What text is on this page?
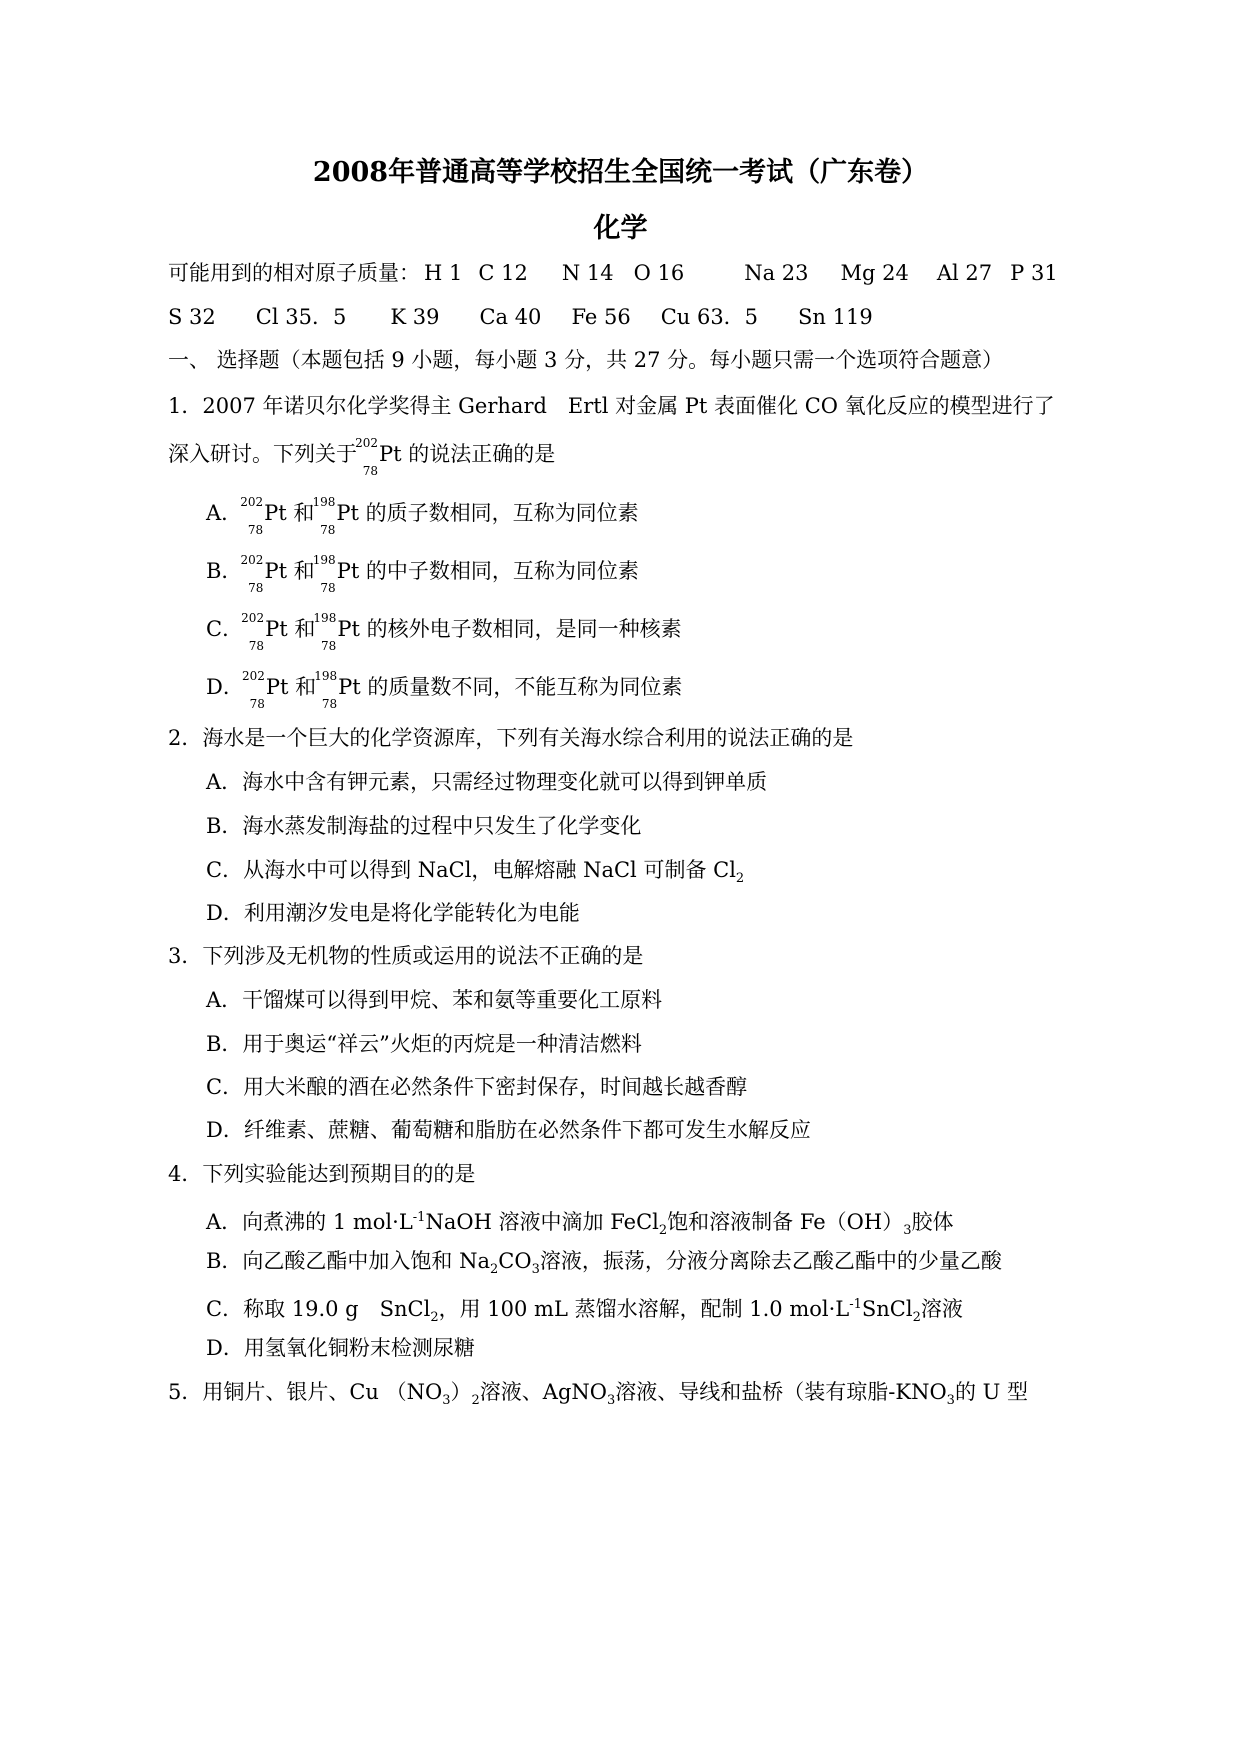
2008年普通高等学校招生全国统一考试（广东卷）
化学
可能用到的相对原子质量： H 1 C 12 N 14 O 16	Na 23 Mg 24 Al 27 P 31
S 32 Cl 35．5 K 39 Ca 40 Fe 56 Cu 63．5 Sn 119
一、 选择题（本题包括 9 小题，每小题 3 分，共 27 分。每小题只需一个选项符合题意）
1．2007 年诺贝尔化学奖得主 Gerhard　Ertl 对金属 Pt 表面催化 CO 氧化反应的模型进行了
深入研讨。下列关于
202
78
Pt 的说法正确的是
A．
202
78
Pt 和
198
78
Pt 的质子数相同，互称为同位素
B．
202
78
Pt 和
198
78
Pt 的中子数相同，互称为同位素
C．
202
78
Pt 和
198
78
Pt 的核外电子数相同，是同一种核素
D．
202
78
Pt 和
198
78
Pt 的质量数不同，不能互称为同位素
2．海水是一个巨大的化学资源库，下列有关海水综合利用的说法正确的是
A．海水中含有钾元素，只需经过物理变化就可以得到钾单质
B．海水蒸发制海盐的过程中只发生了化学变化
C．从海水中可以得到 NaCl，电解熔融 NaCl 可制备 $Cl_2$
D．利用潮汐发电是将化学能转化为电能
3．下列涉及无机物的性质或运用的说法不正确的是
A．干馏煤可以得到甲烷、苯和氨等重要化工原料
B．用于奥运“祥云”火炬的丙烷是一种清洁燃料
C．用大米酿的酒在必然条件下密封保存，时间越长越香醇
D．纤维素、蔗糖、葡萄糖和脂肪在必然条件下都可发生水解反应
4．下列实验能达到预期目的的是
A．向煮沸的 1 $mol\cdot L^{-1}NaOH$ 溶液中滴加 FeCl$_2$饱和溶液制备 $Fe(OH)_3$胶体
B．向乙酸乙酯中加入饱和 $Na_2CO_3$溶液，振荡，分液分离除去乙酸乙酯中的少量乙酸
C．称取 19.0 g　SnCl$_2$，用 100 mL 蒸馏水溶解，配制 1.0 $mol\cdot L^{-1}SnCl_2$溶液
D．用氢氧化铜粉末检测尿糖
5．用铜片、银片、Cu $(NO_3)_2$溶液、AgNO$_3$溶液、导线和盐桥（装有琼脂$-KNO_3$的 U 型
